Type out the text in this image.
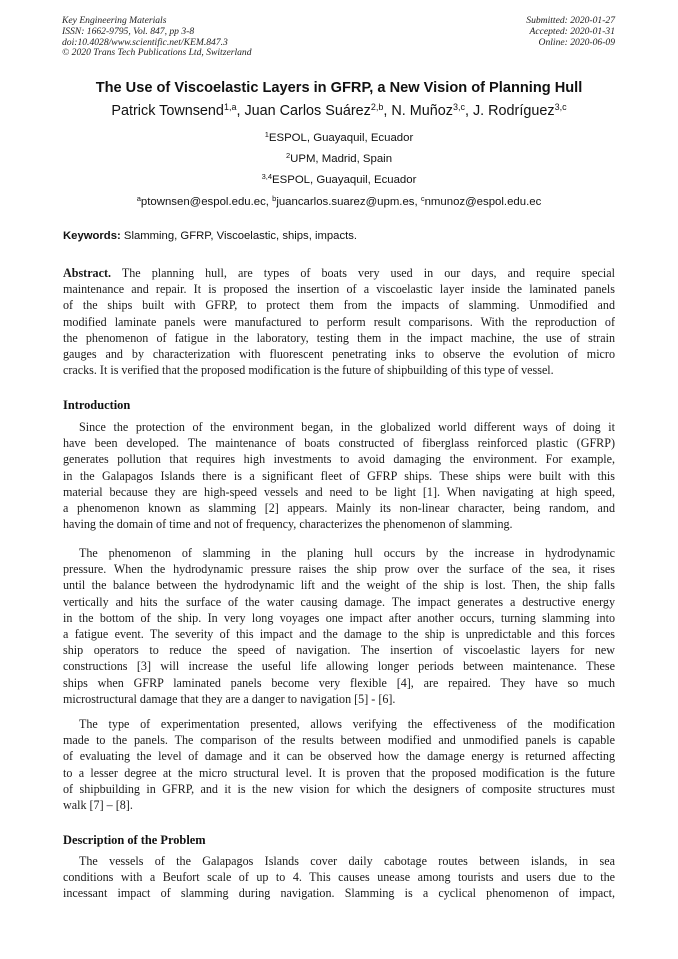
Key Engineering Materials
ISSN: 1662-9795, Vol. 847, pp 3-8
doi:10.4028/www.scientific.net/KEM.847.3
© 2020 Trans Tech Publications Ltd, Switzerland
Submitted: 2020-01-27
Accepted: 2020-01-31
Online: 2020-06-09
The Use of Viscoelastic Layers in GFRP, a New Vision of Planning Hull
Patrick Townsend$^{1,a}$, Juan Carlos Suárez$^{2,b}$, N. Muñoz$^{3,c}$, J. Rodríguez$^{3,c}$
$^1$ESPOL, Guayaquil, Ecuador
$^2$UPM, Madrid, Spain
$^{3,4}$ESPOL, Guayaquil, Ecuador
$^a$ptownsen@espol.edu.ec, $^b$juancarlos.suarez@upm.es, $^c$nmunoz@espol.edu.ec
Keywords: Slamming, GFRP, Viscoelastic, ships, impacts.
Abstract. The planning hull, are types of boats very used in our days, and require special
maintenance and repair. It is proposed the insertion of a viscoelastic layer inside the laminated panels
of the ships built with GFRP, to protect them from the impacts of slamming. Unmodified and
modified laminate panels were manufactured to perform result comparisons. With the reproduction of
the phenomenon of fatigue in the laboratory, testing them in the impact machine, the use of strain
gauges and by characterization with fluorescent penetrating inks to observe the evolution of micro
cracks. It is verified that the proposed modification is the future of shipbuilding of this type of vessel.
Introduction
Since the protection of the environment began, in the globalized world different ways of doing it
have been developed. The maintenance of boats constructed of fiberglass reinforced plastic (GFRP)
generates pollution that requires high investments to avoid damaging the environment. For example,
in the Galapagos Islands there is a significant fleet of GFRP ships. These ships were built with this
material because they are high-speed vessels and need to be light [1]. When navigating at high speed,
a phenomenon known as slamming [2] appears. Mainly its non-linear character, being random, and
having the domain of time and not of frequency, characterizes the phenomenon of slamming.
The phenomenon of slamming in the planing hull occurs by the increase in hydrodynamic
pressure. When the hydrodynamic pressure raises the ship prow over the surface of the sea, it rises
until the balance between the hydrodynamic lift and the weight of the ship is lost. Then, the ship falls
vertically and hits the surface of the water causing damage. The impact generates a destructive energy
in the bottom of the ship. In very long voyages one impact after another occurs, turning slamming into
a fatigue event. The severity of this impact and the damage to the ship is unpredictable and this forces
ship operators to reduce the speed of navigation. The insertion of viscoelastic layers for new
constructions [3] will increase the useful life allowing longer periods between maintenance. These
ships when GFRP laminated panels become very flexible [4], are repaired. They have so much
microstructural damage that they are a danger to navigation [5] - [6].
The type of experimentation presented, allows verifying the effectiveness of the modification
made to the panels. The comparison of the results between modified and unmodified panels is capable
of evaluating the level of damage and it can be observed how the damage energy is returned affecting
to a lesser degree at the micro structural level. It is proven that the proposed modification is the future
of shipbuilding in GFRP, and it is the new vision for which the designers of composite structures must
walk [7] – [8].
Description of the Problem
The vessels of the Galapagos Islands cover daily cabotage routes between islands, in sea
conditions with a Beufort scale of up to 4. This causes unease among tourists and users due to the
incessant impact of slamming during navigation. Slamming is a cyclical phenomenon of impact,
